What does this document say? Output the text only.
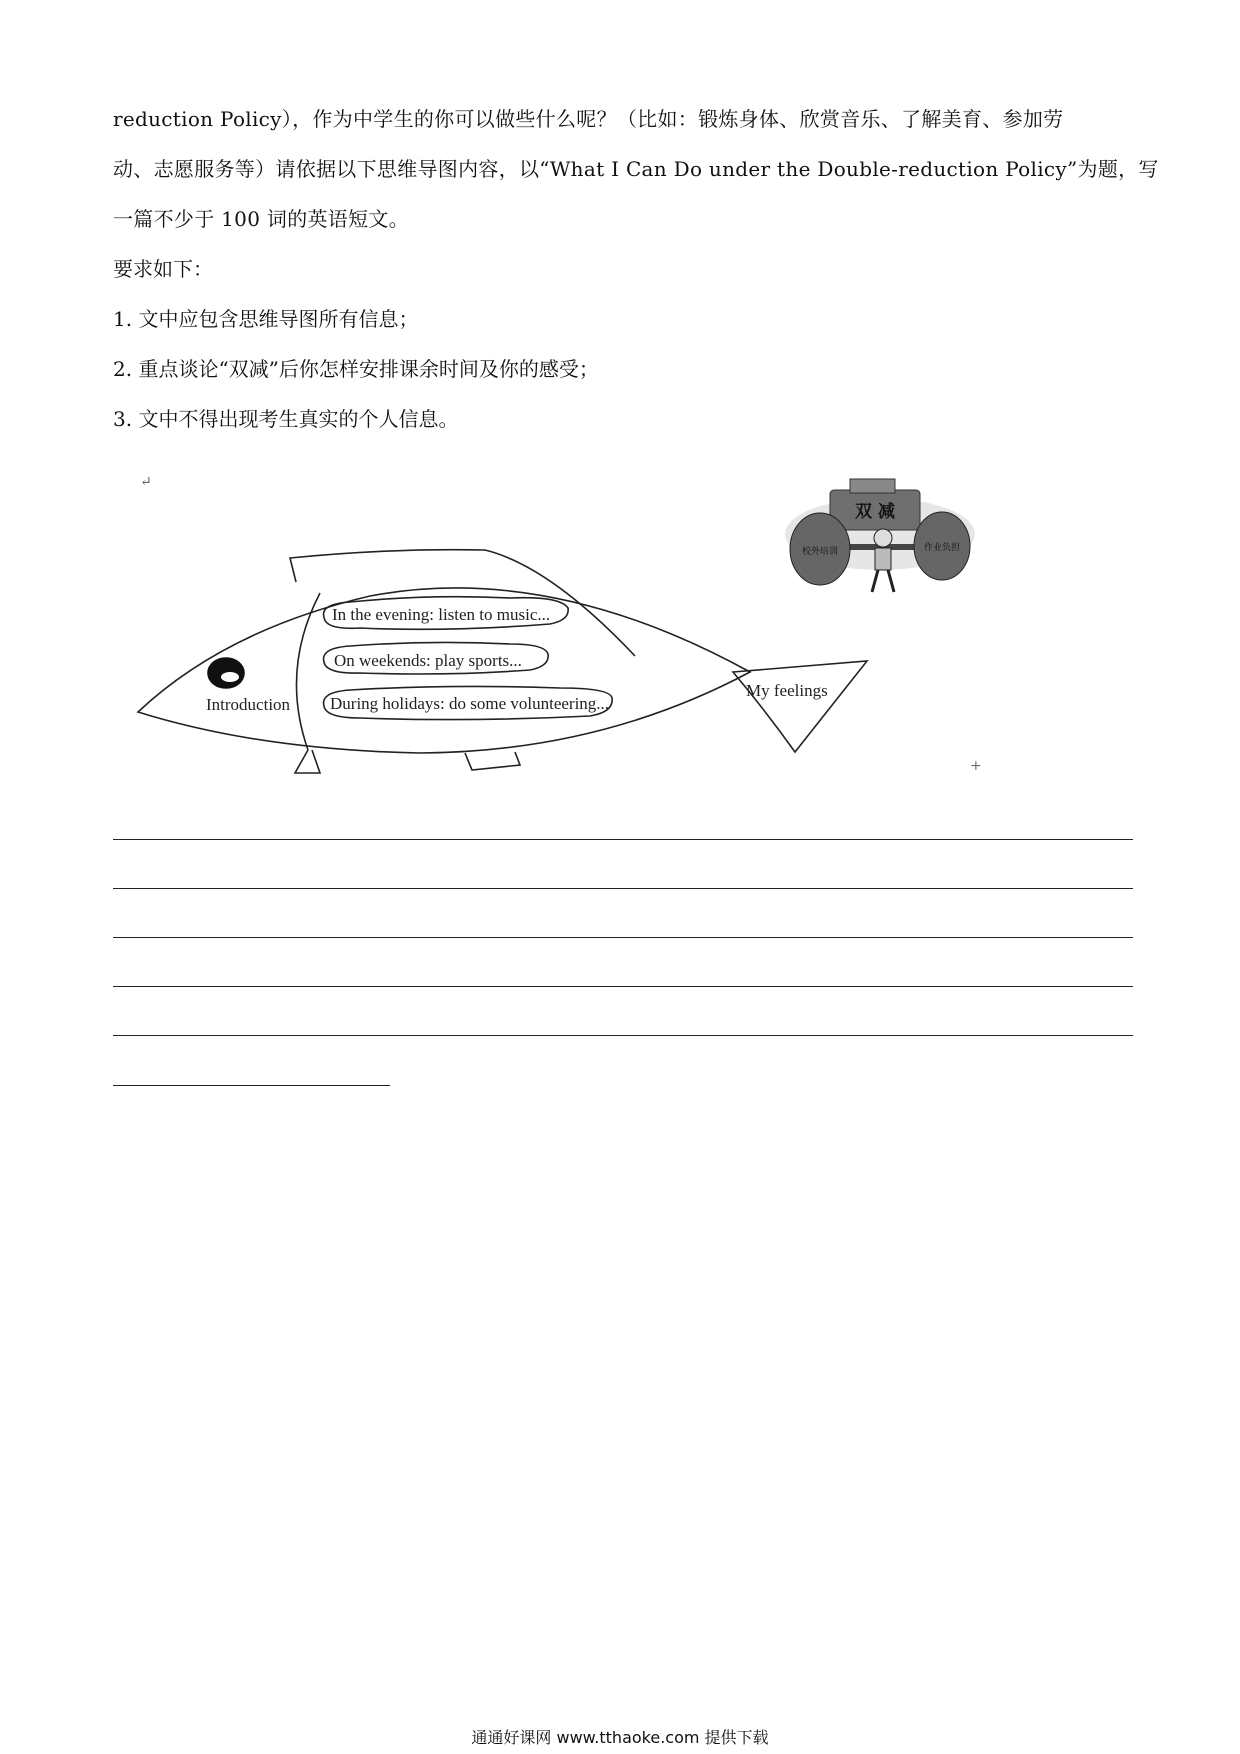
reduction Policy），作为中学生的你可以做些什么呢？（比如：锻炼身体、欣赏音乐、了解美育、参加劳

动、志愿服务等）请依据以下思维导图内容，以“What I Can Do under the Double-reduction Policy”为题，写

一篇不少于 100 词的英语短文。

要求如下：

1. 文中应包含思维导图所有信息；

2. 重点谈论“双减”后你怎样安排课余时间及你的感受；

3. 文中不得出现考生真实的个人信息。

↵
+
In the evening: listen to music...
On weekends: play sports...
During holidays: do some volunteering...
Introduction
My feelings
双 减
校外培训	作业负担
通通好课网 www.tthaoke.com 提供下载
